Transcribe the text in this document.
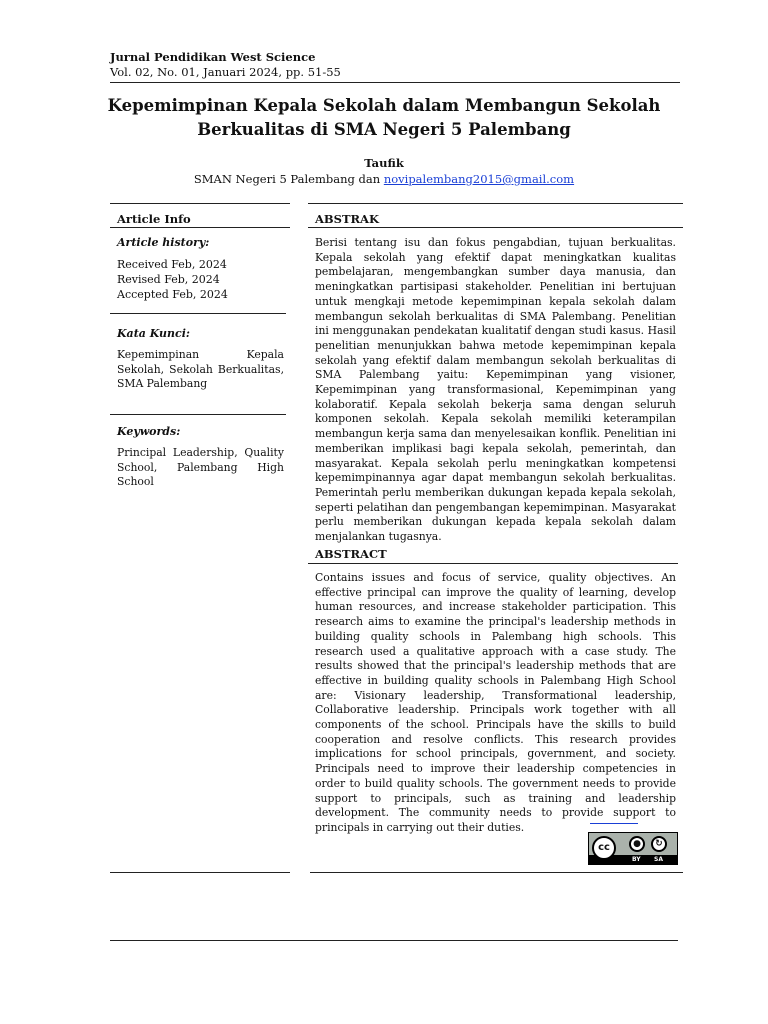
Jurnal Pendidikan West Science
Vol. 02, No. 01, Januari 2024, pp. 51-55
Kepemimpinan Kepala Sekolah dalam Membangun Sekolah
Berkualitas di SMA Negeri 5 Palembang
Taufik
SMAN Negeri 5 Palembang dan novipalembang2015@gmail.com
Article Info
Article history:
Received Feb, 2024
Revised Feb, 2024
Accepted Feb, 2024
Kata Kunci:
Kepemimpinan Kepala Sekolah, Sekolah Berkualitas, SMA Palembang
Keywords:
Principal Leadership, Quality School, Palembang High School
ABSTRAK
Berisi tentang isu dan fokus pengabdian, tujuan berkualitas. Kepala sekolah yang efektif dapat meningkatkan kualitas pembelajaran, mengembangkan sumber daya manusia, dan meningkatkan partisipasi stakeholder. Penelitian ini bertujuan untuk mengkaji metode kepemimpinan kepala sekolah dalam membangun sekolah berkualitas di SMA Palembang. Penelitian ini menggunakan pendekatan kualitatif dengan studi kasus. Hasil penelitian menunjukkan bahwa metode kepemimpinan kepala sekolah yang efektif dalam membangun sekolah berkualitas di SMA Palembang yaitu: Kepemimpinan yang visioner, Kepemimpinan yang transformasional, Kepemimpinan yang kolaboratif. Kepala sekolah bekerja sama dengan seluruh komponen sekolah. Kepala sekolah memiliki keterampilan membangun kerja sama dan menyelesaikan konflik. Penelitian ini memberikan implikasi bagi kepala sekolah, pemerintah, dan masyarakat. Kepala sekolah perlu meningkatkan kompetensi kepemimpinannya agar dapat membangun sekolah berkualitas. Pemerintah perlu memberikan dukungan kepada kepala sekolah, seperti pelatihan dan pengembangan kepemimpinan. Masyarakat perlu memberikan dukungan kepada kepala sekolah dalam menjalankan tugasnya.
ABSTRACT
Contains issues and focus of service, quality objectives. An effective principal can improve the quality of learning, develop human resources, and increase stakeholder participation. This research aims to examine the principal's leadership methods in building quality schools in Palembang high schools. This research used a qualitative approach with a case study. The results showed that the principal's leadership methods that are effective in building quality schools in Palembang High School are: Visionary leadership, Transformational leadership, Collaborative leadership. Principals work together with all components of the school. Principals have the skills to build cooperation and resolve conflicts. This research provides implications for school principals, government, and society. Principals need to improve their leadership competencies in order to build quality schools. The government needs to provide support to principals, such as training and leadership development. The community needs to provide support to principals in carrying out their duties.
cc	●	↻
BY SA
